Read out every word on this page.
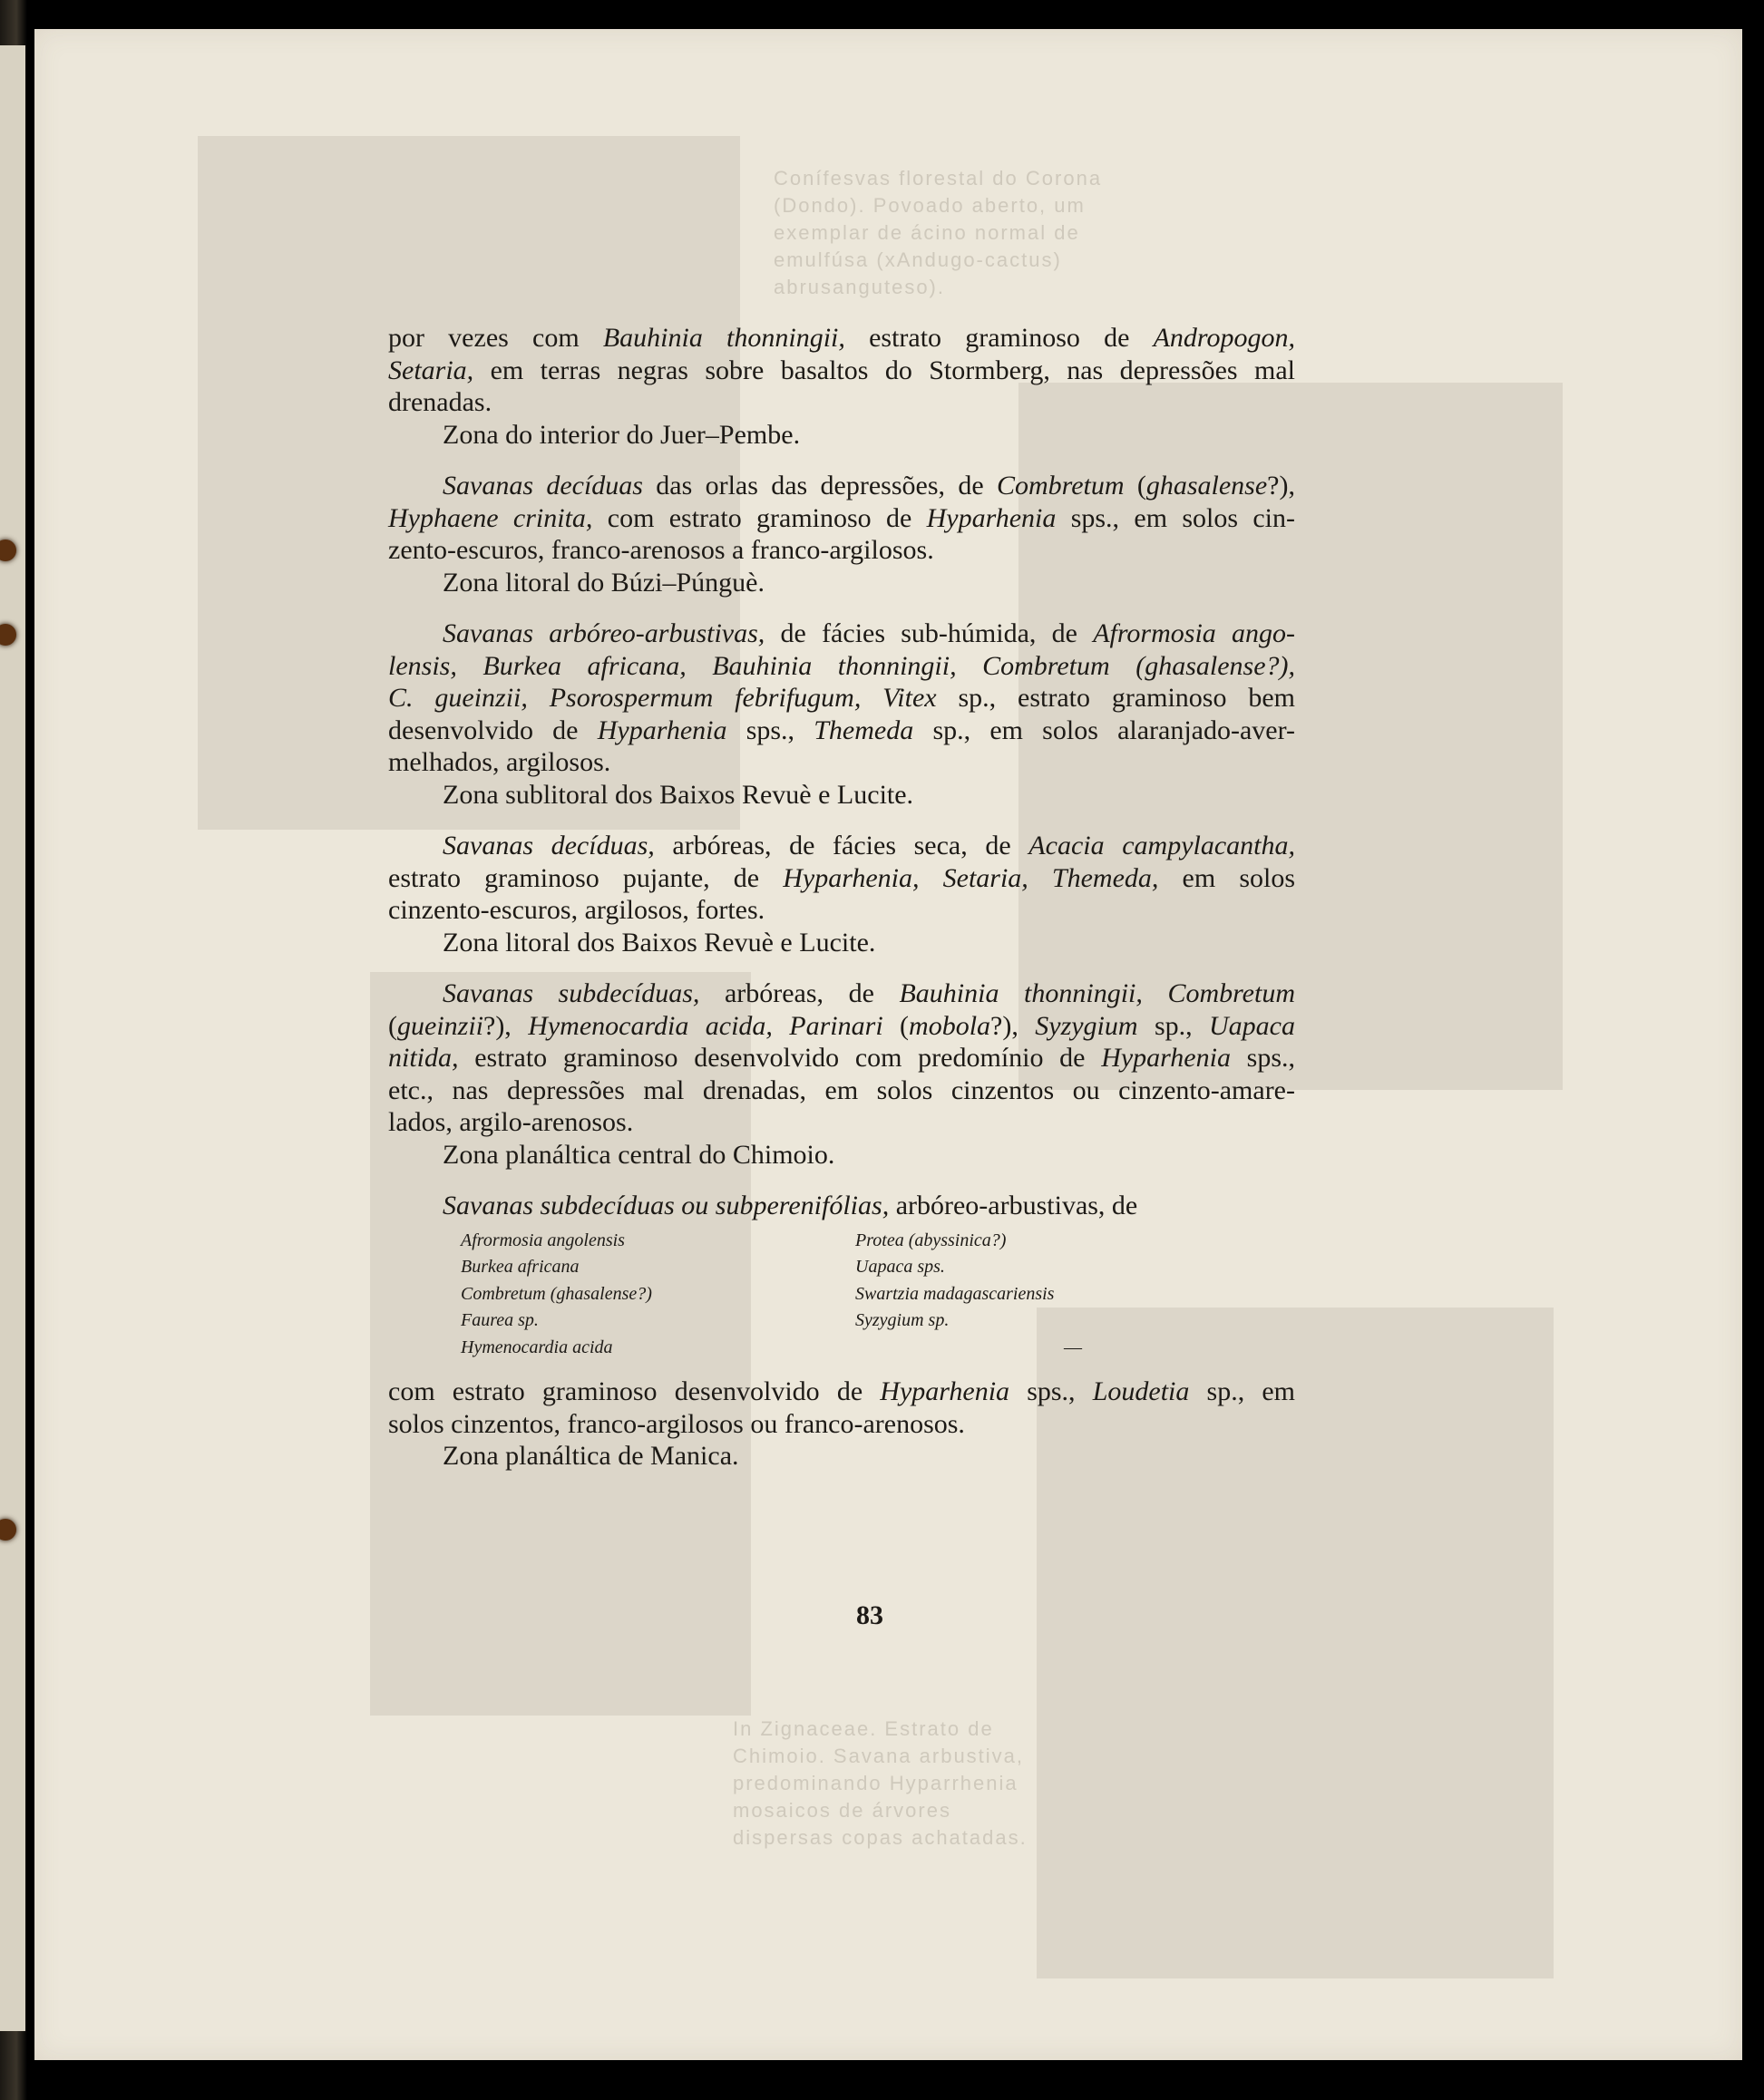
Conífesvas florestal do Corona (Dondo). Povoado aberto, um exemplar de ácino normal de emulfúsa (xAndugo-cactus) abrusanguteso).
In Zignaceae. Estrato de Chimoio. Savana arbustiva, predominando Hyparrhenia mosaicos de árvores dispersas copas achatadas.
83
por vezes com Bauhinia thonningii, estrato graminoso de Andropogon,
Setaria, em terras negras sobre basaltos do Stormberg, nas depressões mal
drenadas.

Zona do interior do Juer–Pembe.

Savanas decíduas das orlas das depressões, de Combretum (ghasalense?),
Hyphaene crinita, com estrato graminoso de Hyparhenia sps., em solos cin-
zento-escuros, franco-arenosos a franco-argilosos.

Zona litoral do Búzi–Púnguè.

Savanas arbóreo-arbustivas, de fácies sub-húmida, de Afrormosia ango-
lensis, Burkea africana, Bauhinia thonningii, Combretum (ghasalense?),
C. gueinzii, Psorospermum febrifugum, Vitex sp., estrato graminoso bem
desenvolvido de Hyparhenia sps., Themeda sp., em solos alaranjado-aver-
melhados, argilosos.

Zona sublitoral dos Baixos Revuè e Lucite.

Savanas decíduas, arbóreas, de fácies seca, de Acacia campylacantha,
estrato graminoso pujante, de Hyparhenia, Setaria, Themeda, em solos
cinzento-escuros, argilosos, fortes.

Zona litoral dos Baixos Revuè e Lucite.

Savanas subdecíduas, arbóreas, de Bauhinia thonningii, Combretum
(gueinzii?), Hymenocardia acida, Parinari (mobola?), Syzygium sp., Uapaca
nitida, estrato graminoso desenvolvido com predomínio de Hyparhenia sps.,
etc., nas depressões mal drenadas, em solos cinzentos ou cinzento-amare-
lados, argilo-arenosos.

Zona planáltica central do Chimoio.

Savanas subdecíduas ou subperenifólias, arbóreo-arbustivas, de

Afrormosia angolensis	Protea (abyssinica?)
Burkea africana	Uapaca sps.
Combretum (ghasalense?)	Swartzia madagascariensis
Faurea sp.	Syzygium sp.
Hymenocardia acida	—
com estrato graminoso desenvolvido de Hyparhenia sps., Loudetia sp., em
solos cinzentos, franco-argilosos ou franco-arenosos.

Zona planáltica de Manica.
